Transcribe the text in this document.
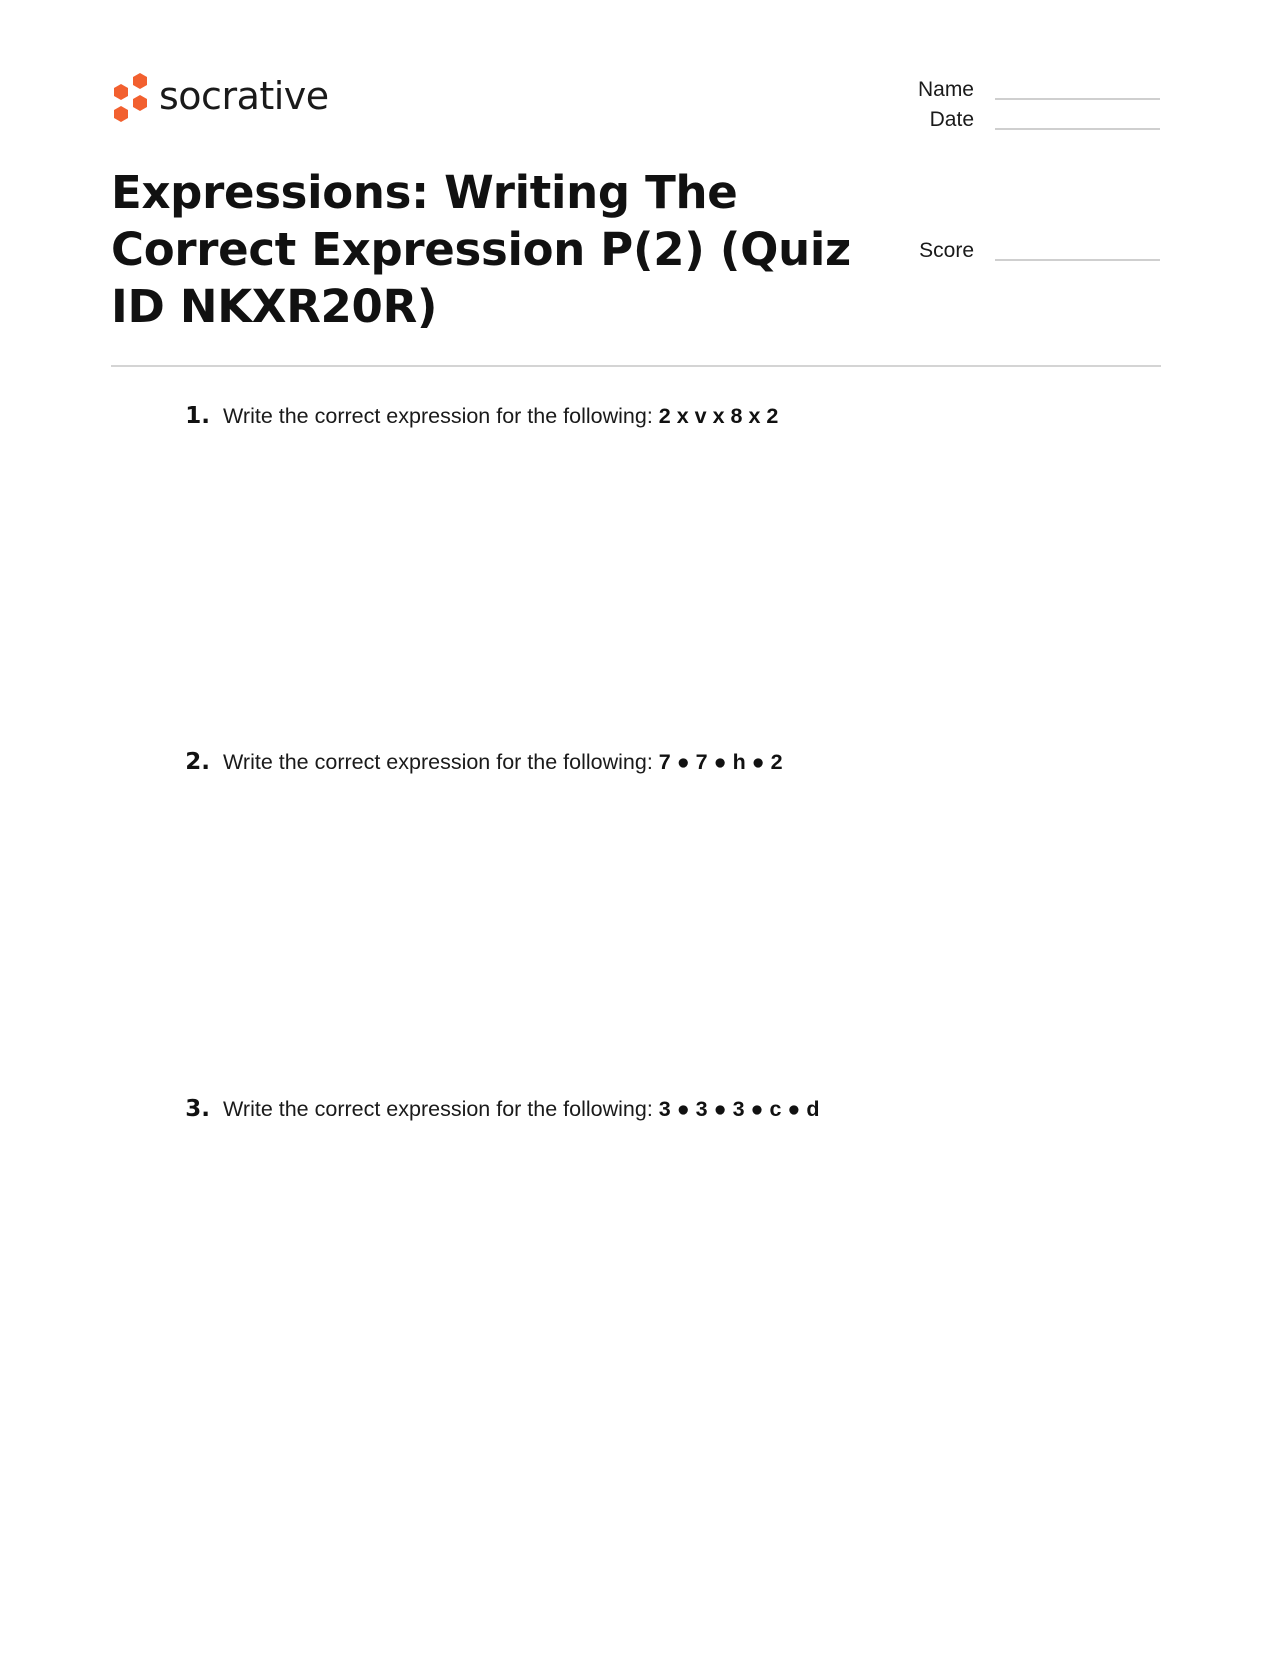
socrative	Name
Date
Score
Expressions: Writing The Correct Expression P(2) (Quiz ID NKXR20R)
1. Write the correct expression for the following: 2 x v x 8 x 2
2. Write the correct expression for the following: 7 ● 7 ● h ● 2
3. Write the correct expression for the following: 3 ● 3 ● 3 ● c ● d
